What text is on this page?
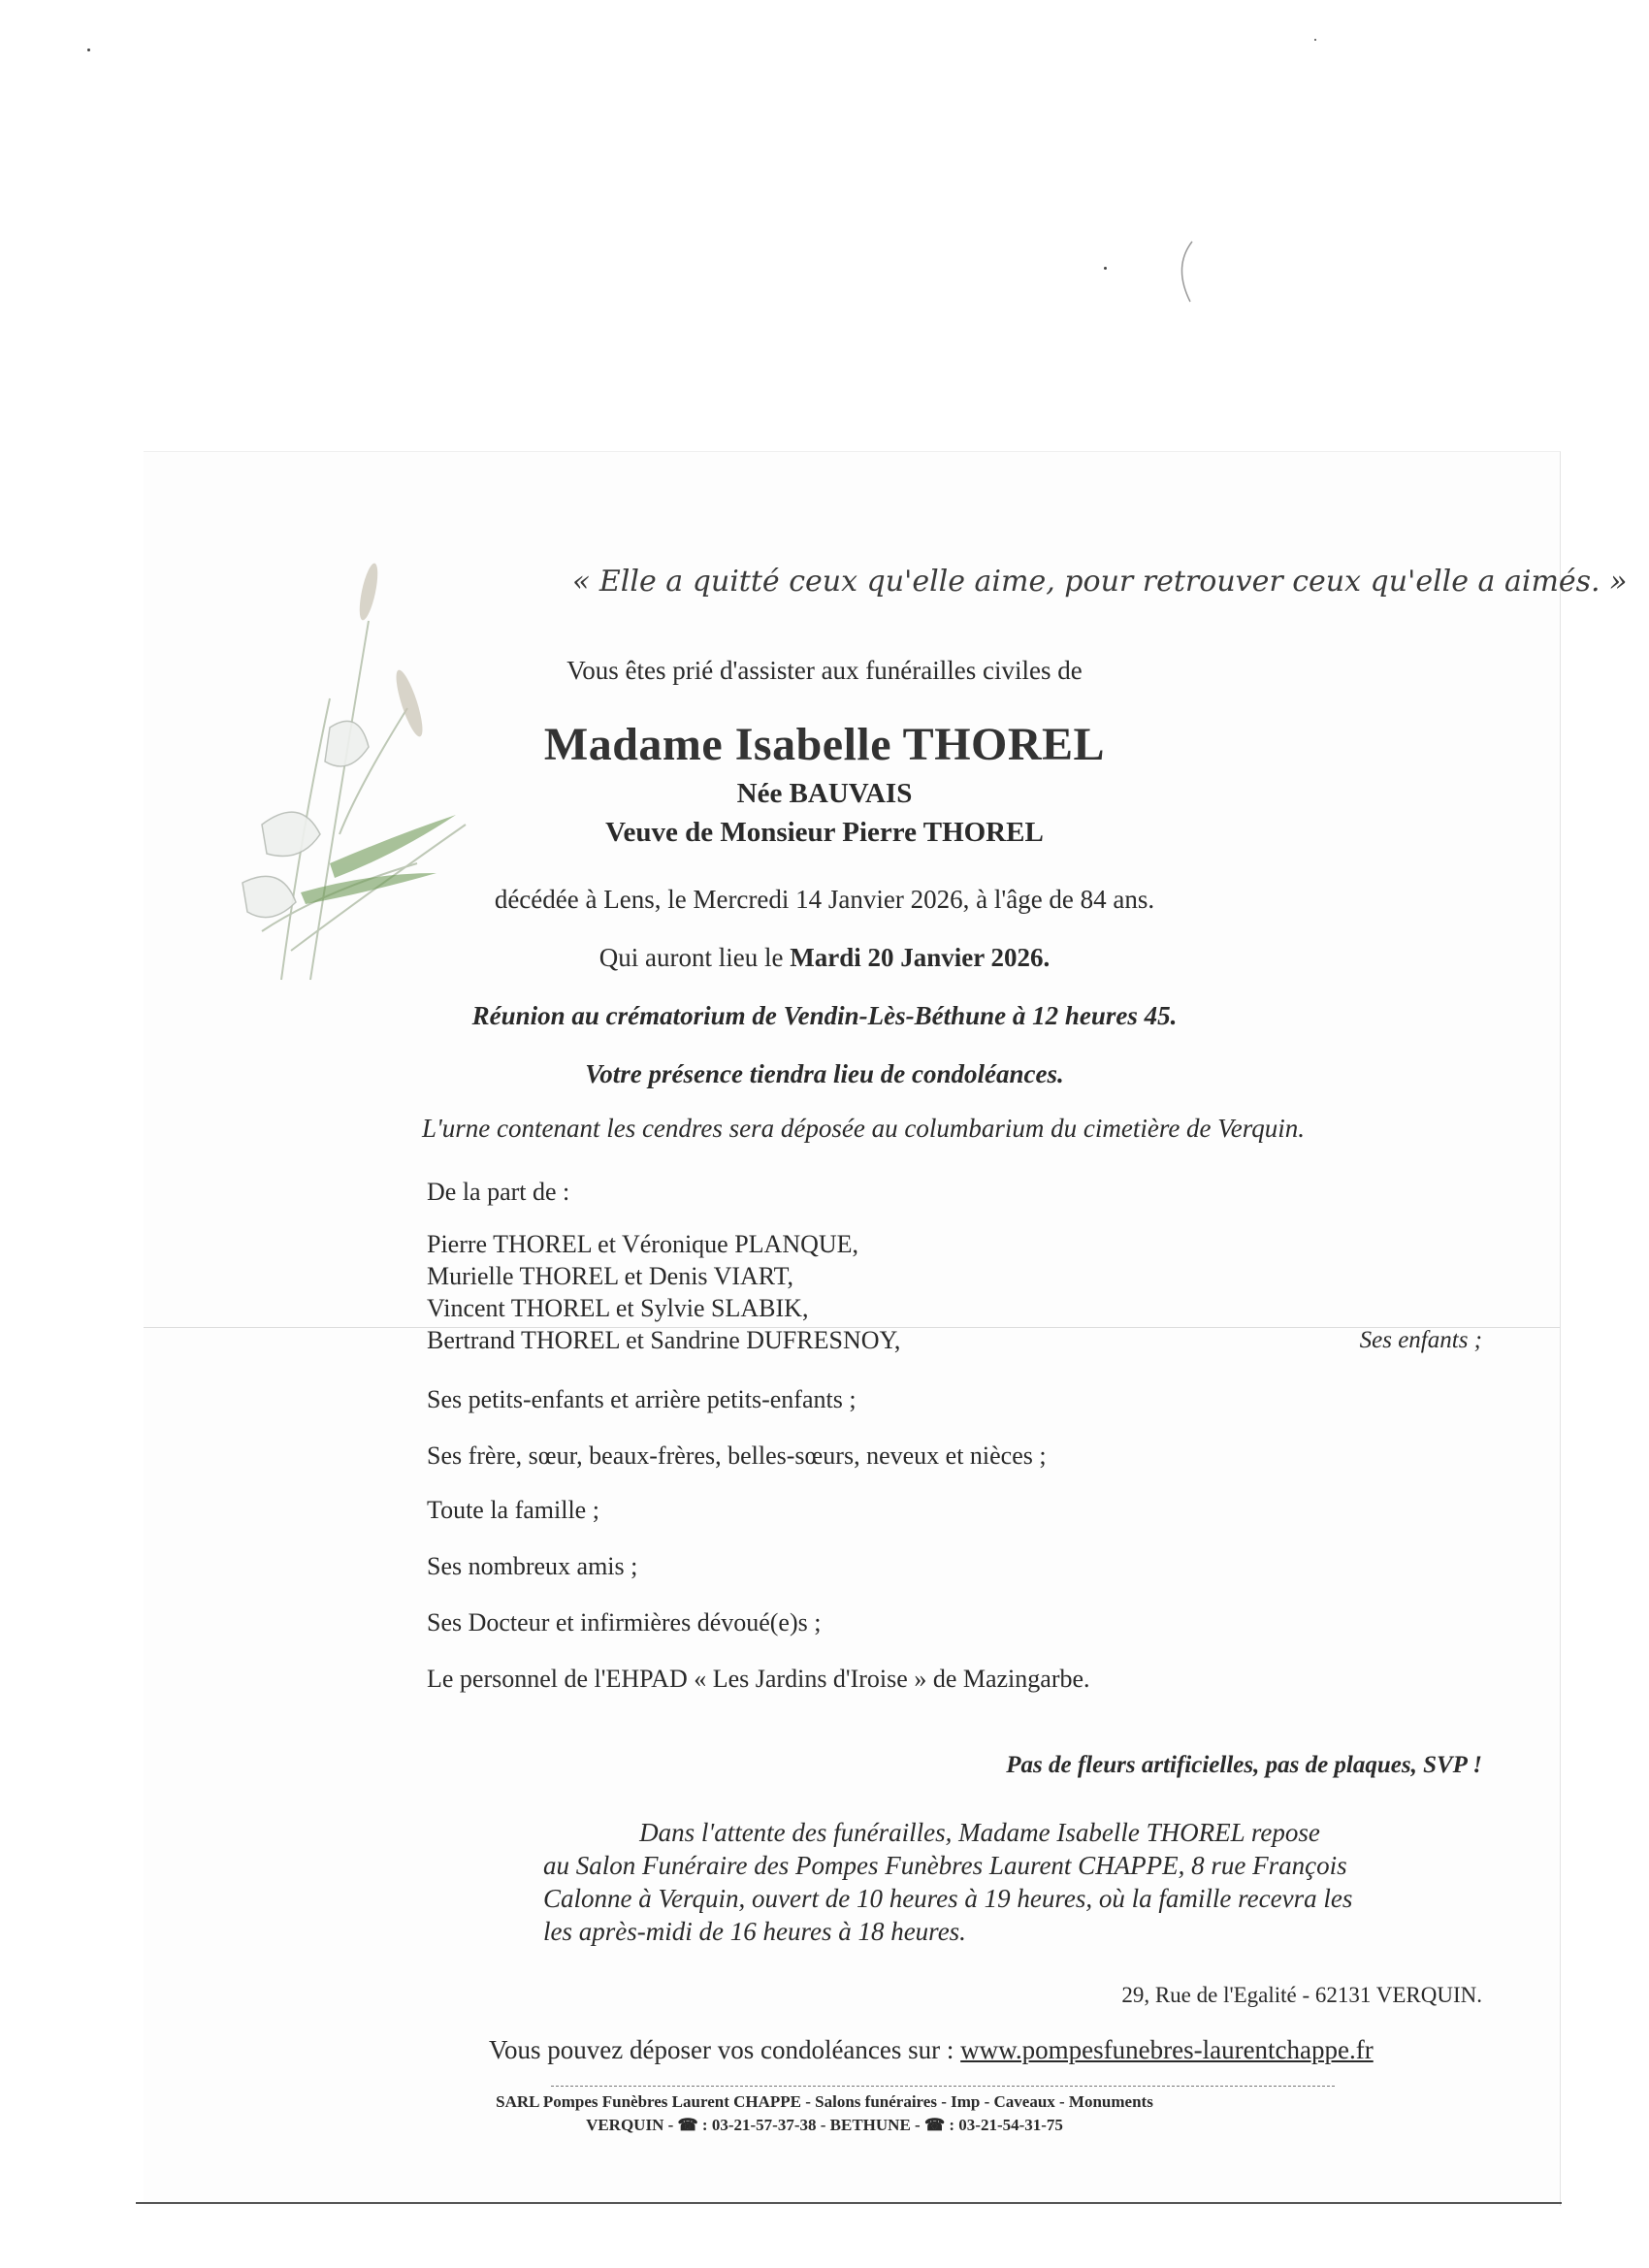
« Elle a quitté ceux qu'elle aime, pour retrouver ceux qu'elle a aimés. »
Vous êtes prié d'assister aux funérailles civiles de
Madame Isabelle THOREL
Née BAUVAIS
Veuve de Monsieur Pierre THOREL
décédée à Lens, le Mercredi 14 Janvier 2026, à l'âge de 84 ans.
Qui auront lieu le Mardi 20 Janvier 2026.
Réunion au crématorium de Vendin-Lès-Béthune à 12 heures 45.
Votre présence tiendra lieu de condoléances.
L'urne contenant les cendres sera déposée au columbarium du cimetière de Verquin.
De la part de :
Pierre THOREL et Véronique PLANQUE,
Murielle THOREL et Denis VIART,
Vincent THOREL et Sylvie SLABIK,
Bertrand THOREL et Sandrine DUFRESNOY,	Ses enfants ;
Ses petits-enfants et arrière petits-enfants ;
Ses frère, sœur, beaux-frères, belles-sœurs, neveux et nièces ;
Toute la famille ;
Ses nombreux amis ;
Ses Docteur et infirmières dévoué(e)s ;
Le personnel de l'EHPAD « Les Jardins d'Iroise » de Mazingarbe.
Pas de fleurs artificielles, pas de plaques, SVP !
Dans l'attente des funérailles, Madame Isabelle THOREL repose
au Salon Funéraire des Pompes Funèbres Laurent CHAPPE, 8 rue François
Calonne à Verquin, ouvert de 10 heures à 19 heures, où la famille recevra les
les après-midi de 16 heures à 18 heures.
29, Rue de l'Egalité - 62131 VERQUIN.
Vous pouvez déposer vos condoléances sur : www.pompesfunebres-laurentchappe.fr
SARL Pompes Funèbres Laurent CHAPPE - Salons funéraires - Imp - Caveaux - Monuments
VERQUIN - ☎ : 03-21-57-37-38 - BETHUNE - ☎ : 03-21-54-31-75
